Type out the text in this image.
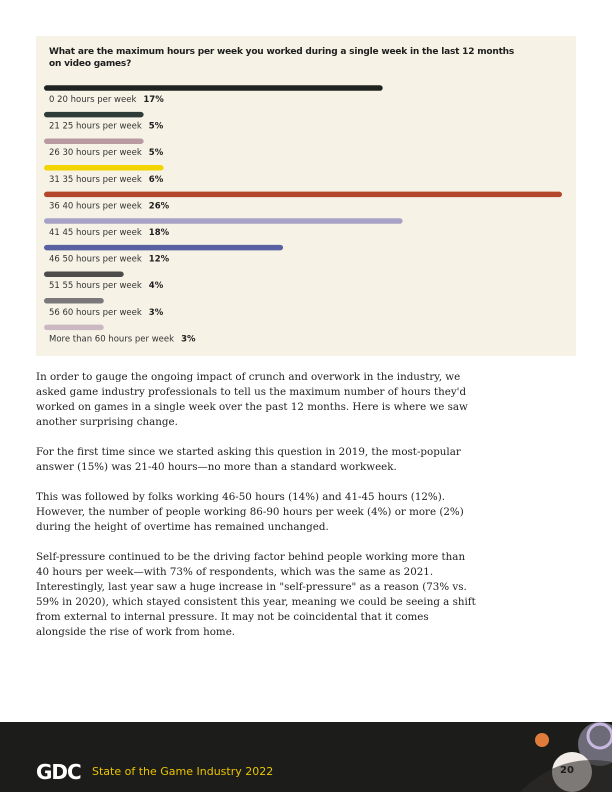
What are the maximum hours per week you worked during a single week in the last 12 months on video games?

0 20 hours per week 17%
21 25 hours per week 5%
26 30 hours per week 5%
31 35 hours per week 6%
36 40 hours per week 26%
41 45 hours per week 18%
46 50 hours per week 12%
51 55 hours per week 4%
56 60 hours per week 3%
More than 60 hours per week 3%

In order to gauge the ongoing impact of crunch and overwork in the industry, we asked game industry professionals to tell us the maximum number of hours they'd worked on games in a single week over the past 12 months. Here is where we saw another surprising change.

For the first time since we started asking this question in 2019, the most-popular answer (15%) was 21-40 hours—no more than a standard workweek.

This was followed by folks working 46-50 hours (14%) and 41-45 hours (12%). However, the number of people working 86-90 hours per week (4%) or more (2%) during the height of overtime has remained unchanged.

Self-pressure continued to be the driving factor behind people working more than 40 hours per week—with 73% of respondents, which was the same as 2021. Interestingly, last year saw a huge increase in "self-pressure" as a reason (73% vs. 59% in 2020), which stayed consistent this year, meaning we could be seeing a shift from external to internal pressure. It may not be coincidental that it comes alongside the rise of work from home.

GDC State of the Game Industry 2022	20
